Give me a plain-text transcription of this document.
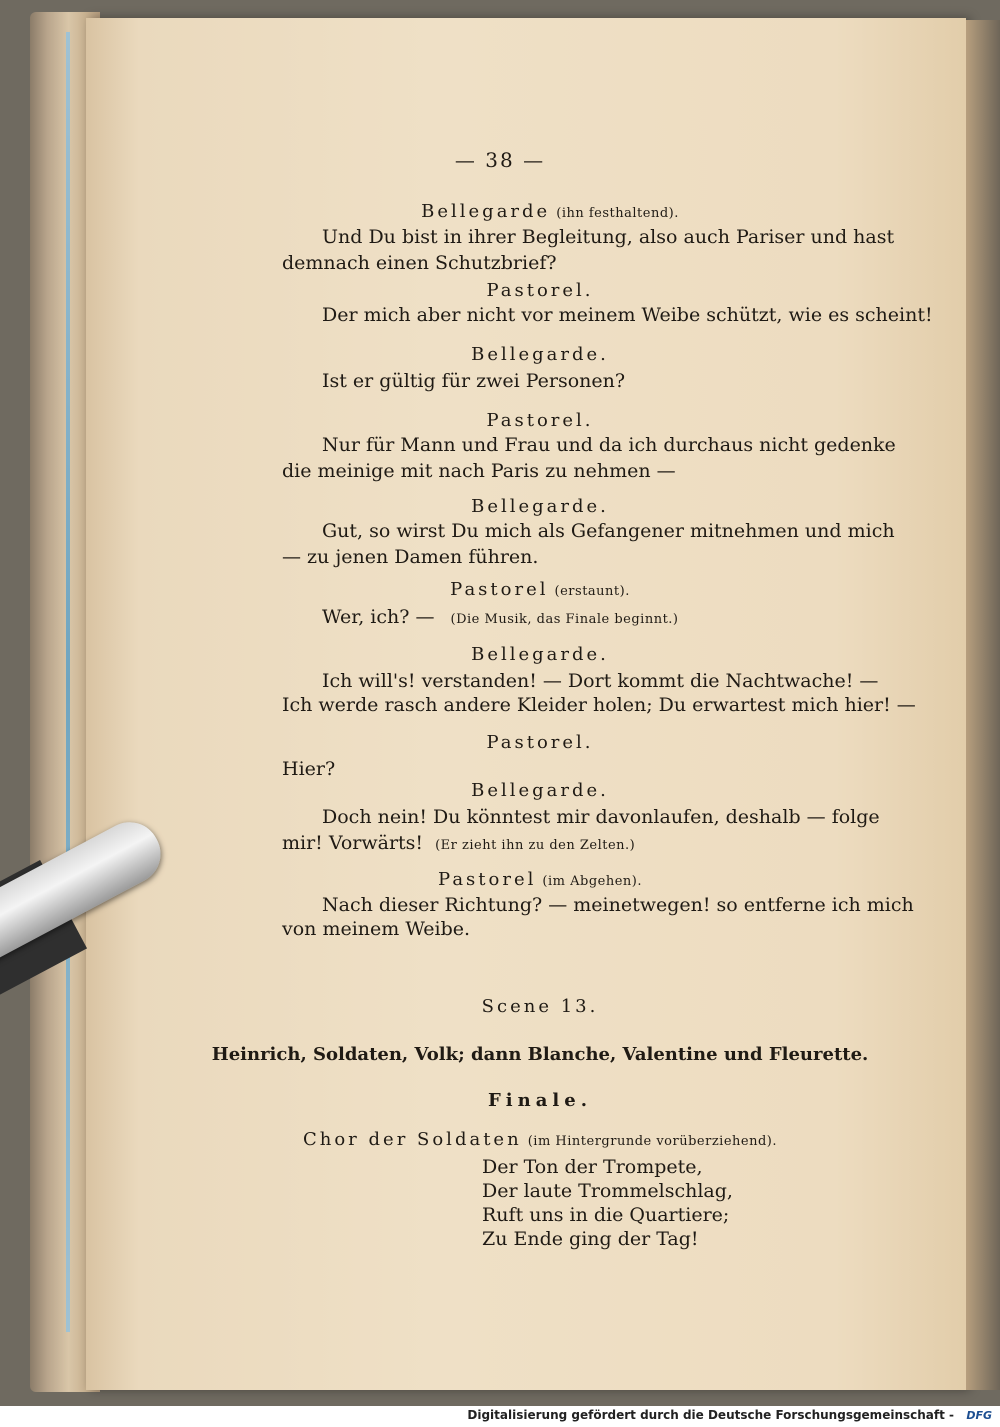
— 38 —
Bellegarde (ihn festhaltend).
Und Du bist in ihrer Begleitung, also auch Pariser und hast
demnach einen Schutzbrief?
Pastorel.
Der mich aber nicht vor meinem Weibe schützt, wie es scheint!
Bellegarde.
Ist er gültig für zwei Personen?
Pastorel.
Nur für Mann und Frau und da ich durchaus nicht gedenke
die meinige mit nach Paris zu nehmen —
Bellegarde.
Gut, so wirst Du mich als Gefangener mitnehmen und mich
— zu jenen Damen führen.
Pastorel (erstaunt).
Wer, ich? — (Die Musik, das Finale beginnt.)
Bellegarde.
Ich will's! verstanden! — Dort kommt die Nachtwache! —
Ich werde rasch andere Kleider holen; Du erwartest mich hier! —
Pastorel.
Hier?
Bellegarde.
Doch nein! Du könntest mir davonlaufen, deshalb — folge
mir! Vorwärts! (Er zieht ihn zu den Zelten.)
Pastorel (im Abgehen).
Nach dieser Richtung? — meinetwegen! so entferne ich mich
von meinem Weibe.
Scene 13.
Heinrich, Soldaten, Volk; dann Blanche, Valentine und Fleurette.
Finale.
Chor der Soldaten (im Hintergrunde vorüberziehend).
Der Ton der Trompete,
Der laute Trommelschlag,
Ruft uns in die Quartiere;
Zu Ende ging der Tag!
Digitalisierung gefördert durch die Deutsche Forschungsgemeinschaft - DFG
